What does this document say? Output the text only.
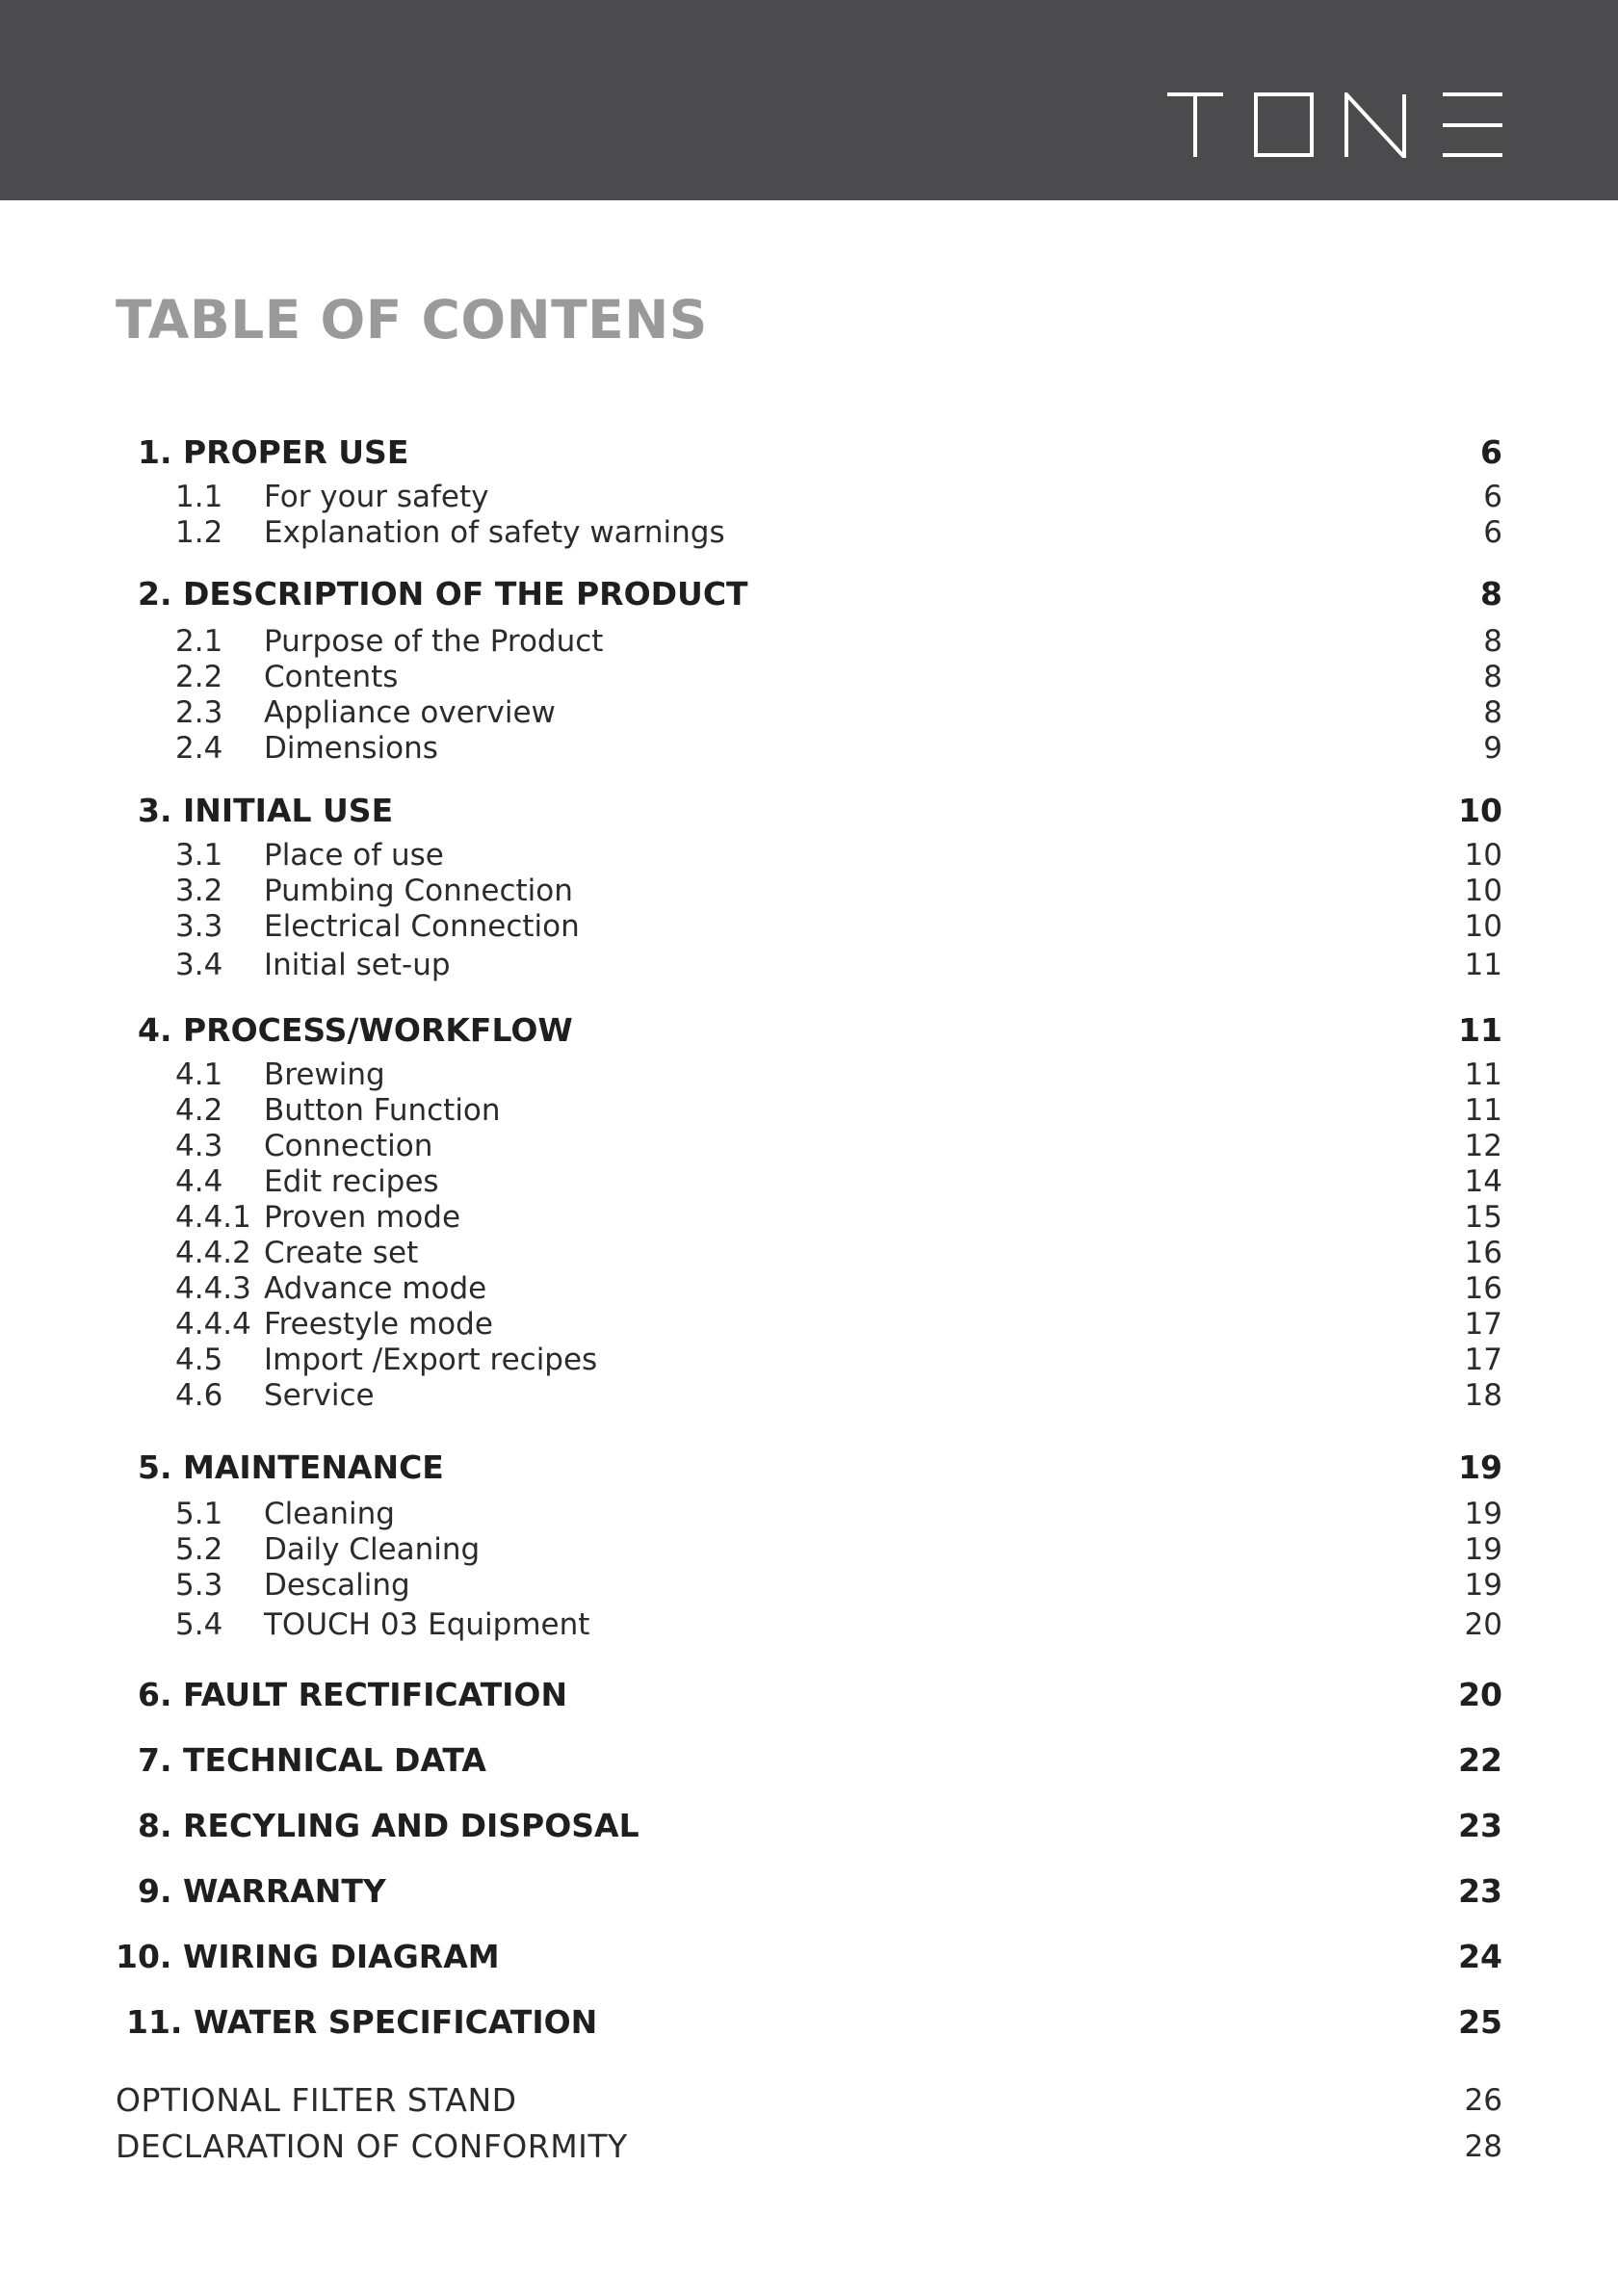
TABLE OF CONTENS
1. PROPER USE	6
1.1 For your safety	6
1.2 Explanation of safety warnings	6
2. DESCRIPTION OF THE PRODUCT	8
2.1 Purpose of the Product	8
2.2 Contents	8
2.3 Appliance overview	8
2.4 Dimensions	9
3. INITIAL USE	10
3.1 Place of use	10
3.2 Pumbing Connection	10
3.3 Electrical Connection	10
3.4 Initial set-up	11
4. PROCESS/WORKFLOW	11
4.1 Brewing	11
4.2 Button Function	11
4.3 Connection	12
4.4 Edit recipes	14
4.4.1 Proven mode	15
4.4.2 Create set	16
4.4.3 Advance mode	16
4.4.4 Freestyle mode	17
4.5 Import /Export recipes	17
4.6 Service	18
5. MAINTENANCE	19
5.1 Cleaning	19
5.2 Daily Cleaning	19
5.3 Descaling	19
5.4 TOUCH 03 Equipment	20
6. FAULT RECTIFICATION	20
7. TECHNICAL DATA	22
8. RECYLING AND DISPOSAL	23
9. WARRANTY	23
10. WIRING DIAGRAM	24
11. WATER SPECIFICATION	25
OPTIONAL FILTER STAND	26
DECLARATION OF CONFORMITY	28
